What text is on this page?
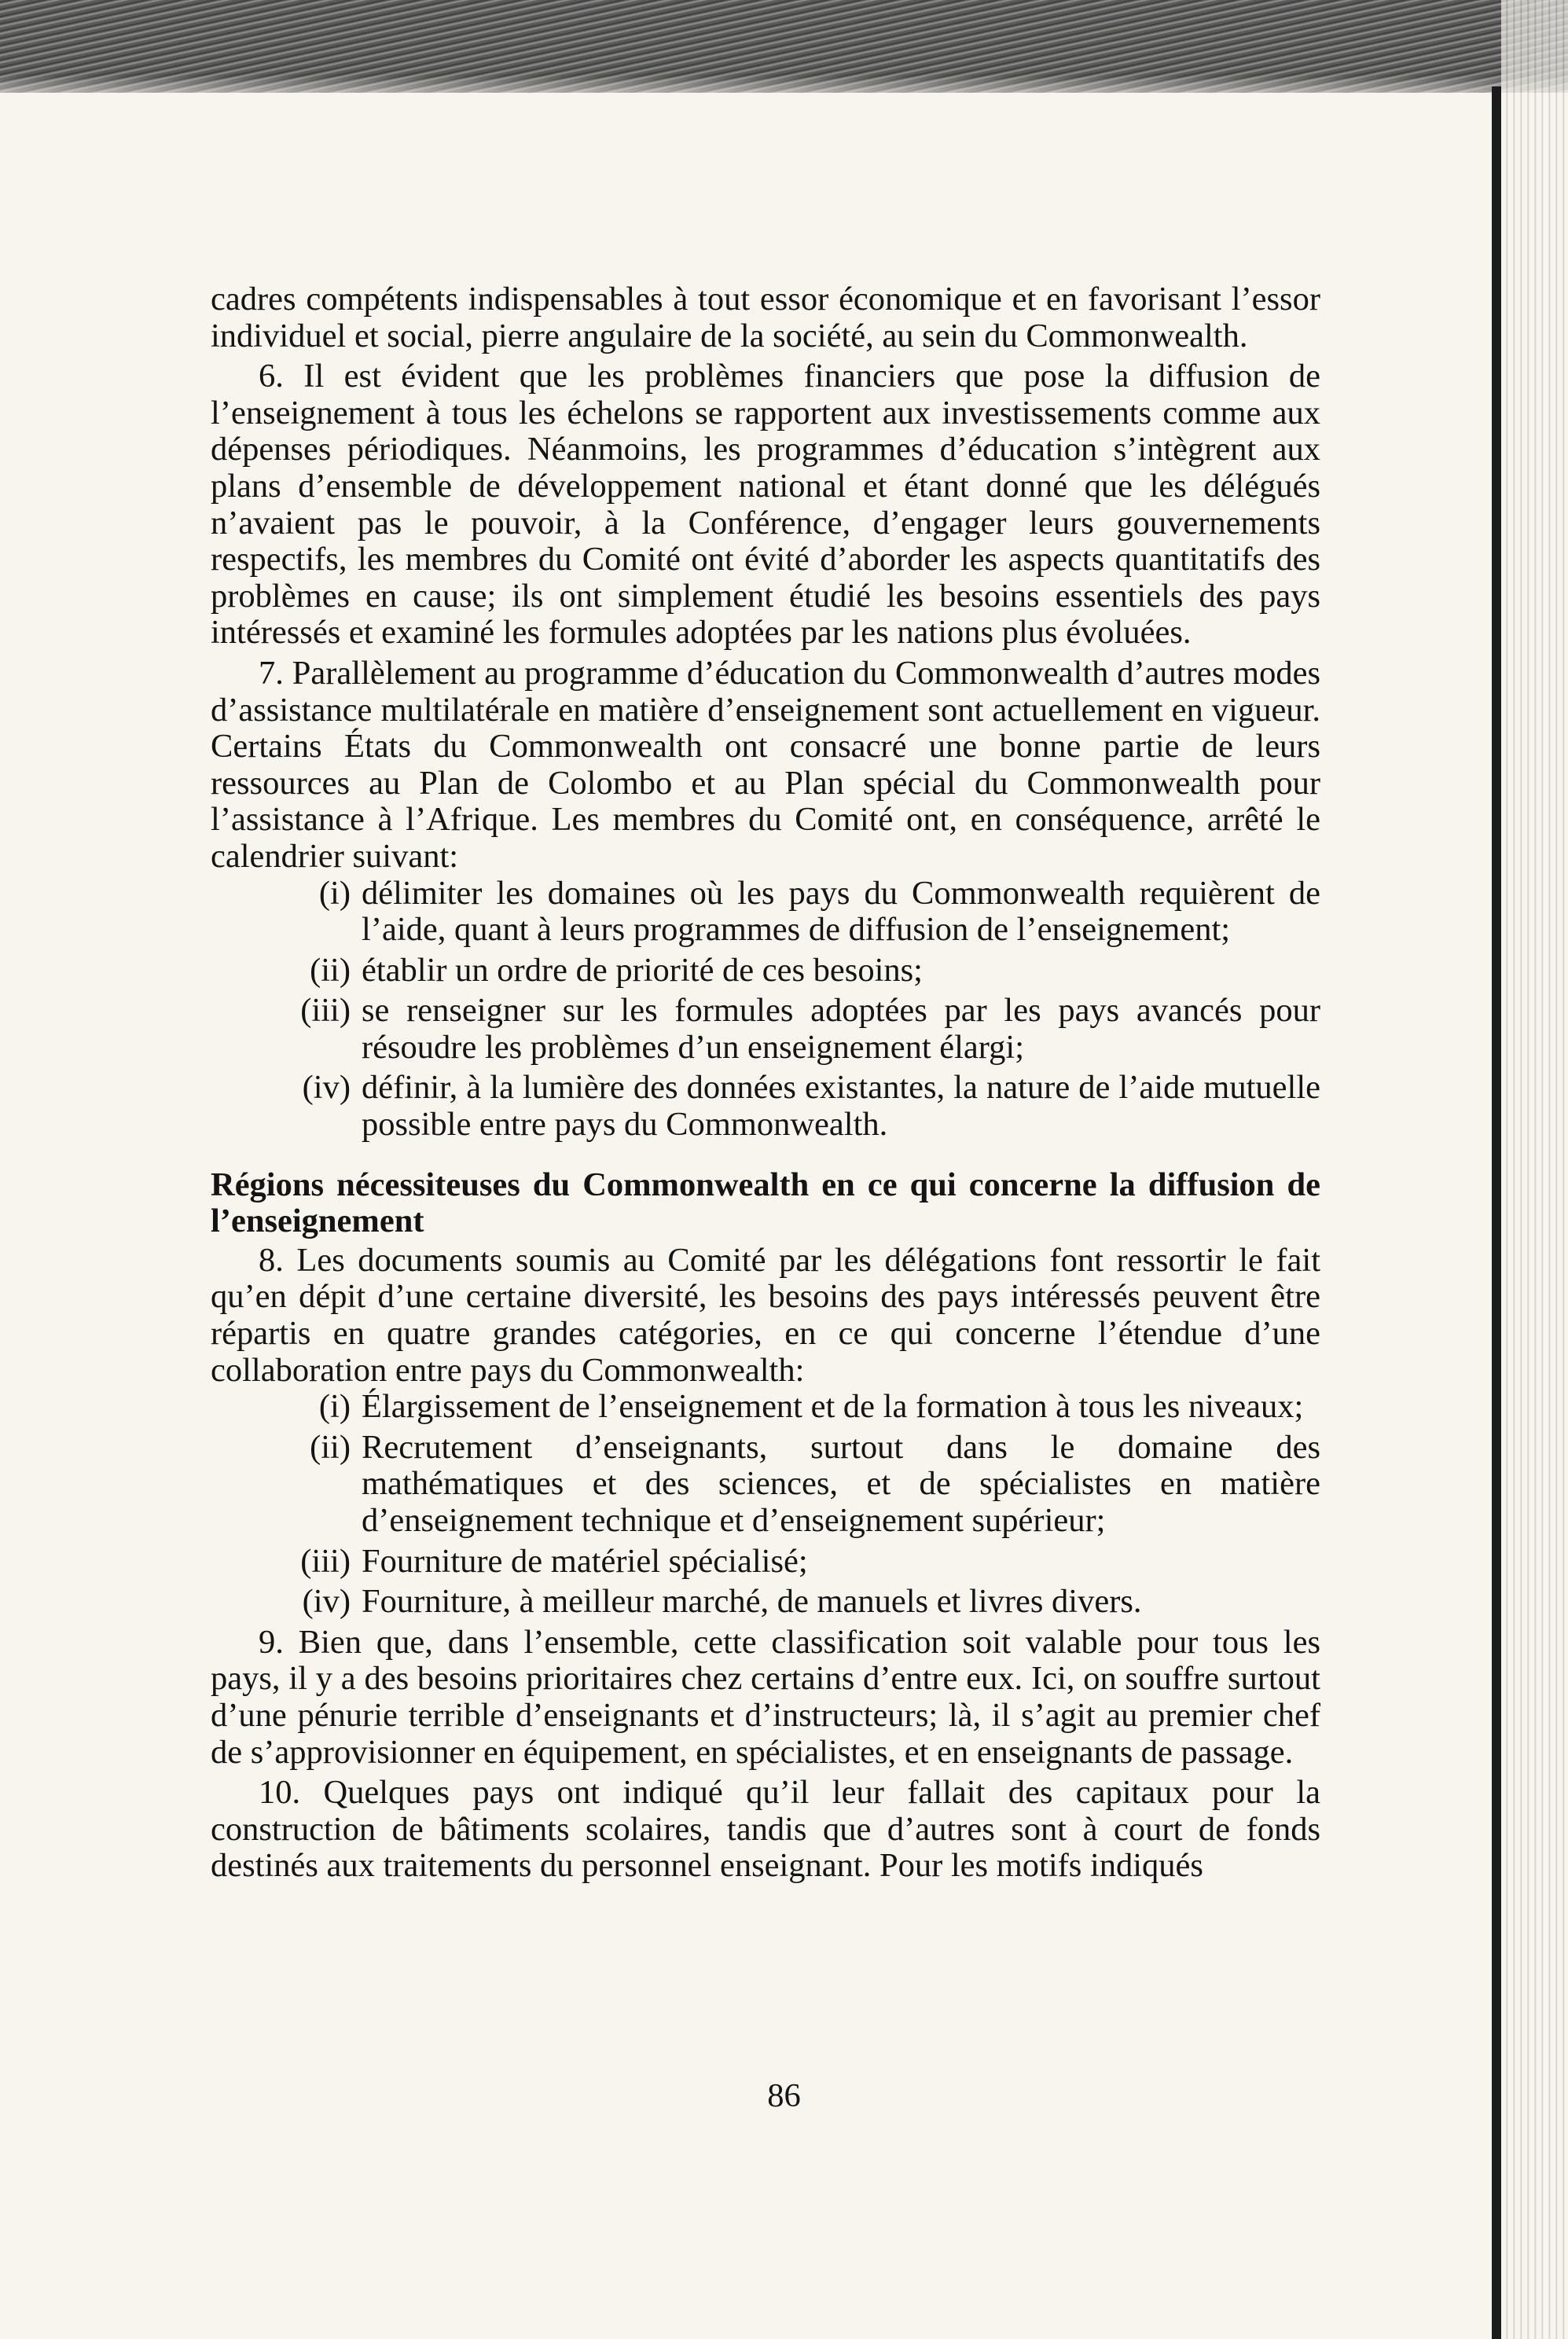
cadres compétents indispensables à tout essor économique et en favorisant l’essor individuel et social, pierre angulaire de la société, au sein du Commonwealth.

6. Il est évident que les problèmes financiers que pose la diffusion de l’enseignement à tous les échelons se rapportent aux investissements comme aux dépenses périodiques. Néanmoins, les programmes d’éducation s’intègrent aux plans d’ensemble de développement national et étant donné que les délégués n’avaient pas le pouvoir, à la Conférence, d’engager leurs gouvernements respectifs, les membres du Comité ont évité d’aborder les aspects quantitatifs des problèmes en cause; ils ont simplement étudié les besoins essentiels des pays intéressés et examiné les formules adoptées par les nations plus évoluées.

7. Parallèlement au programme d’éducation du Commonwealth d’autres modes d’assistance multilatérale en matière d’enseignement sont actuellement en vigueur. Certains États du Commonwealth ont consacré une bonne partie de leurs ressources au Plan de Colombo et au Plan spécial du Commonwealth pour l’assistance à l’Afrique. Les membres du Comité ont, en conséquence, arrêté le calendrier suivant:

(i) délimiter les domaines où les pays du Commonwealth requièrent de l’aide, quant à leurs programmes de diffusion de l’enseignement;
(ii) établir un ordre de priorité de ces besoins;
(iii) se renseigner sur les formules adoptées par les pays avancés pour résoudre les problèmes d’un enseignement élargi;
(iv) définir, à la lumière des données existantes, la nature de l’aide mutuelle possible entre pays du Commonwealth.

Régions nécessiteuses du Commonwealth en ce qui concerne la diffusion de l’enseignement

8. Les documents soumis au Comité par les délégations font ressortir le fait qu’en dépit d’une certaine diversité, les besoins des pays intéressés peuvent être répartis en quatre grandes catégories, en ce qui concerne l’étendue d’une collaboration entre pays du Commonwealth:

(i) Élargissement de l’enseignement et de la formation à tous les niveaux;
(ii) Recrutement d’enseignants, surtout dans le domaine des mathématiques et des sciences, et de spécialistes en matière d’enseignement technique et d’enseignement supérieur;
(iii) Fourniture de matériel spécialisé;
(iv) Fourniture, à meilleur marché, de manuels et livres divers.

9. Bien que, dans l’ensemble, cette classification soit valable pour tous les pays, il y a des besoins prioritaires chez certains d’entre eux. Ici, on souffre surtout d’une pénurie terrible d’enseignants et d’instructeurs; là, il s’agit au premier chef de s’approvisionner en équipement, en spécialistes, et en enseignants de passage.

10. Quelques pays ont indiqué qu’il leur fallait des capitaux pour la construction de bâtiments scolaires, tandis que d’autres sont à court de fonds destinés aux traitements du personnel enseignant. Pour les motifs indiqués

86
